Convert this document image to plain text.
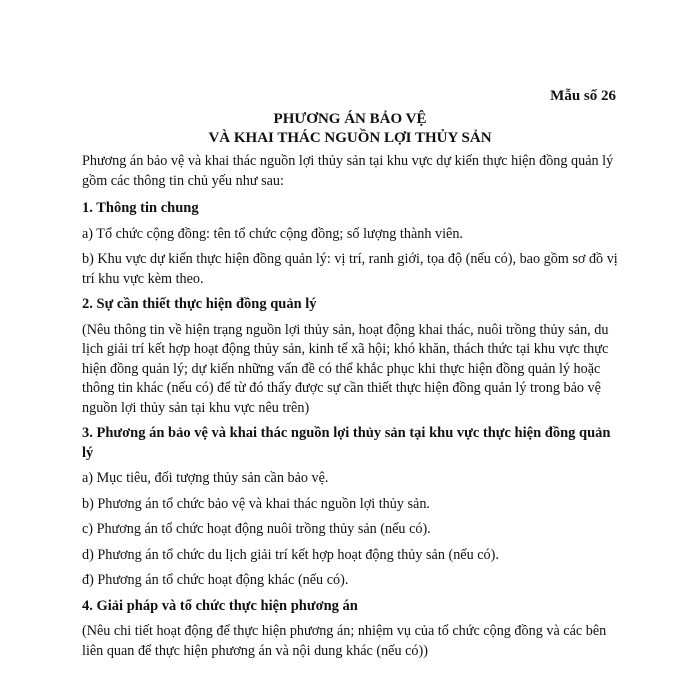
Mẫu số 26
PHƯƠNG ÁN BẢO VỆ
VÀ KHAI THÁC NGUỒN LỢI THỦY SẢN

Phương án bảo vệ và khai thác nguồn lợi thủy sản tại khu vực dự kiến thực hiện đồng quản lý gồm các thông tin chủ yếu như sau:

1. Thông tin chung

a) Tổ chức cộng đồng: tên tổ chức cộng đồng; số lượng thành viên.

b) Khu vực dự kiến thực hiện đồng quản lý: vị trí, ranh giới, tọa độ (nếu có), bao gồm sơ đồ vị trí khu vực kèm theo.

2. Sự cần thiết thực hiện đồng quản lý

(Nêu thông tin về hiện trạng nguồn lợi thủy sản, hoạt động khai thác, nuôi trồng thủy sản, du lịch giải trí kết hợp hoạt động thủy sản, kinh tế xã hội; khó khăn, thách thức tại khu vực thực hiện đồng quản lý; dự kiến những vấn đề có thể khắc phục khi thực hiện đồng quản lý hoặc thông tin khác (nếu có) để từ đó thấy được sự cần thiết thực hiện đồng quản lý trong bảo vệ nguồn lợi thủy sản tại khu vực nêu trên)

3. Phương án bảo vệ và khai thác nguồn lợi thủy sản tại khu vực thực hiện đồng quản lý

a) Mục tiêu, đối tượng thủy sản cần bảo vệ.

b) Phương án tổ chức bảo vệ và khai thác nguồn lợi thủy sản.

c) Phương án tổ chức hoạt động nuôi trồng thủy sản (nếu có).

d) Phương án tổ chức du lịch giải trí kết hợp hoạt động thủy sản (nếu có).

đ) Phương án tổ chức hoạt động khác (nếu có).

4. Giải pháp và tổ chức thực hiện phương án

(Nêu chi tiết hoạt động để thực hiện phương án; nhiệm vụ của tổ chức cộng đồng và các bên liên quan để thực hiện phương án và nội dung khác (nếu có))
